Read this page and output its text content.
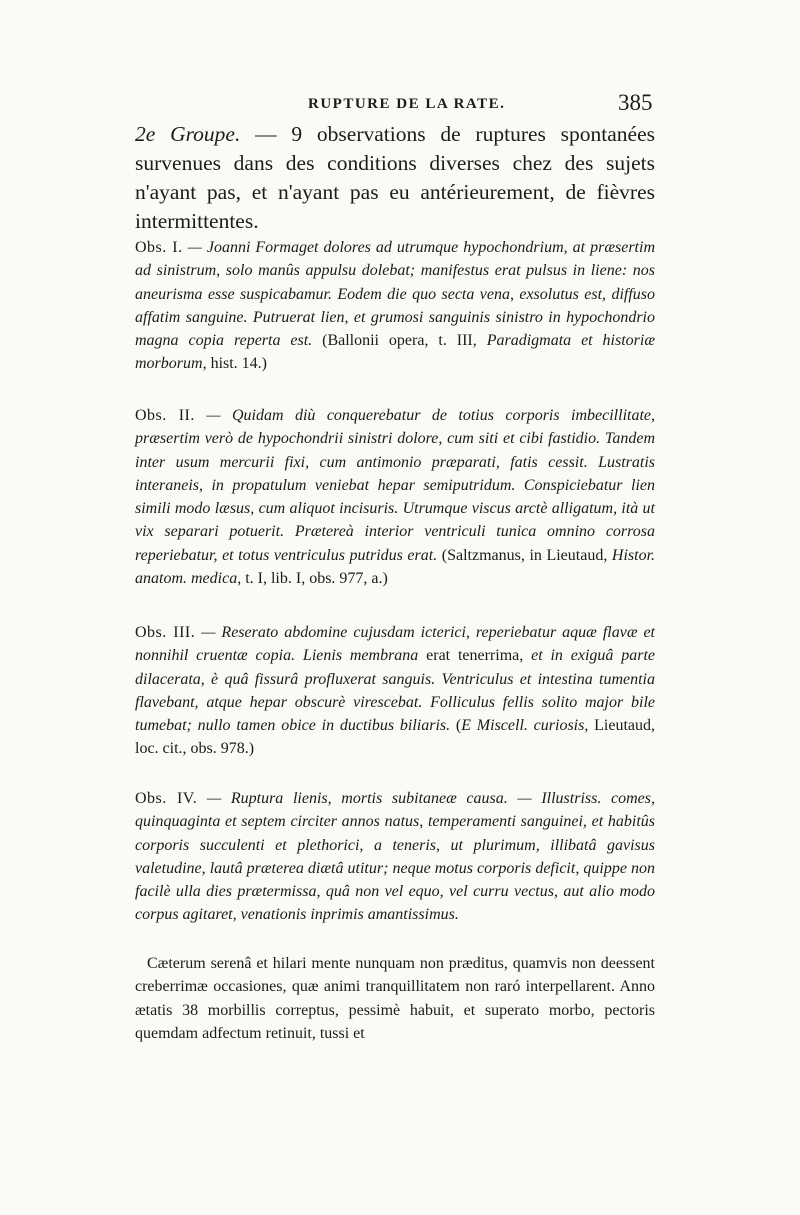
RUPTURE DE LA RATE.	385

2e Groupe. — 9 observations de ruptures spontanées survenues dans des conditions diverses chez des sujets n'ayant pas, et n'ayant pas eu antérieurement, de fièvres intermittentes.

Obs. I. — Joanni Formaget dolores ad utrumque hypochondrium, at præsertim ad sinistrum, solo manûs appulsu dolebat; manifestus erat pulsus in liene: nos aneurisma esse suspicabamur. Eodem die quo secta vena, exsolutus est, diffuso affatim sanguine. Putruerat lien, et grumosi sanguinis sinistro in hypochondrio magna copia reperta est. (Ballonii opera, t. III, Paradigmata et historiæ morborum, hist. 14.)

Obs. II. — Quidam diù conquerebatur de totius corporis imbecillitate, præsertim verò de hypochondrii sinistri dolore, cum siti et cibi fastidio. Tandem inter usum mercurii fixi, cum antimonio præparati, fatis cessit. Lustratis interaneis, in propatulum veniebat hepar semiputridum. Conspiciebatur lien simili modo læsus, cum aliquot incisuris. Utrumque viscus arctè alligatum, ità ut vix separari potuerit. Prætereà interior ventriculi tunica omnino corrosa reperiebatur, et totus ventriculus putridus erat. (Saltzmanus, in Lieutaud, Histor. anatom. medica, t. I, lib. I, obs. 977, a.)

Obs. III. — Reserato abdomine cujusdam icterici, reperiebatur aquæ flavæ et nonnihil cruentæ copia. Lienis membrana erat tenerrima, et in exiguâ parte dilacerata, è quâ fissurâ profluxerat sanguis. Ventriculus et intestina tumentia flavebant, atque hepar obscurè virescebat. Folliculus fellis solito major bile tumebat; nullo tamen obice in ductibus biliaris. (E Miscell. curiosis, Lieutaud, loc. cit., obs. 978.)

Obs. IV. — Ruptura lienis, mortis subitaneæ causa. — Illustriss. comes, quinquaginta et septem circiter annos natus, temperamenti sanguinei, et habitûs corporis succulenti et plethorici, a teneris, ut plurimum, illibatâ gavisus valetudine, lautâ prætereа diætâ utitur; neque motus corporis deficit, quippe non facilè ulla dies prætermissa, quâ non vel equo, vel curru vectus, aut alio modo corpus agitaret, venationis inprimis amantissimus.

Cæterum serenâ et hilari mente nunquam non præditus, quamvis non deessent creberrimæ occasiones, quæ animi tranquillitatem non raró interpellarent. Anno ætatis 38 morbillis correptus, pessimè habuit, et superato morbo, pectoris quemdam adfectum retinuit, tussi et
